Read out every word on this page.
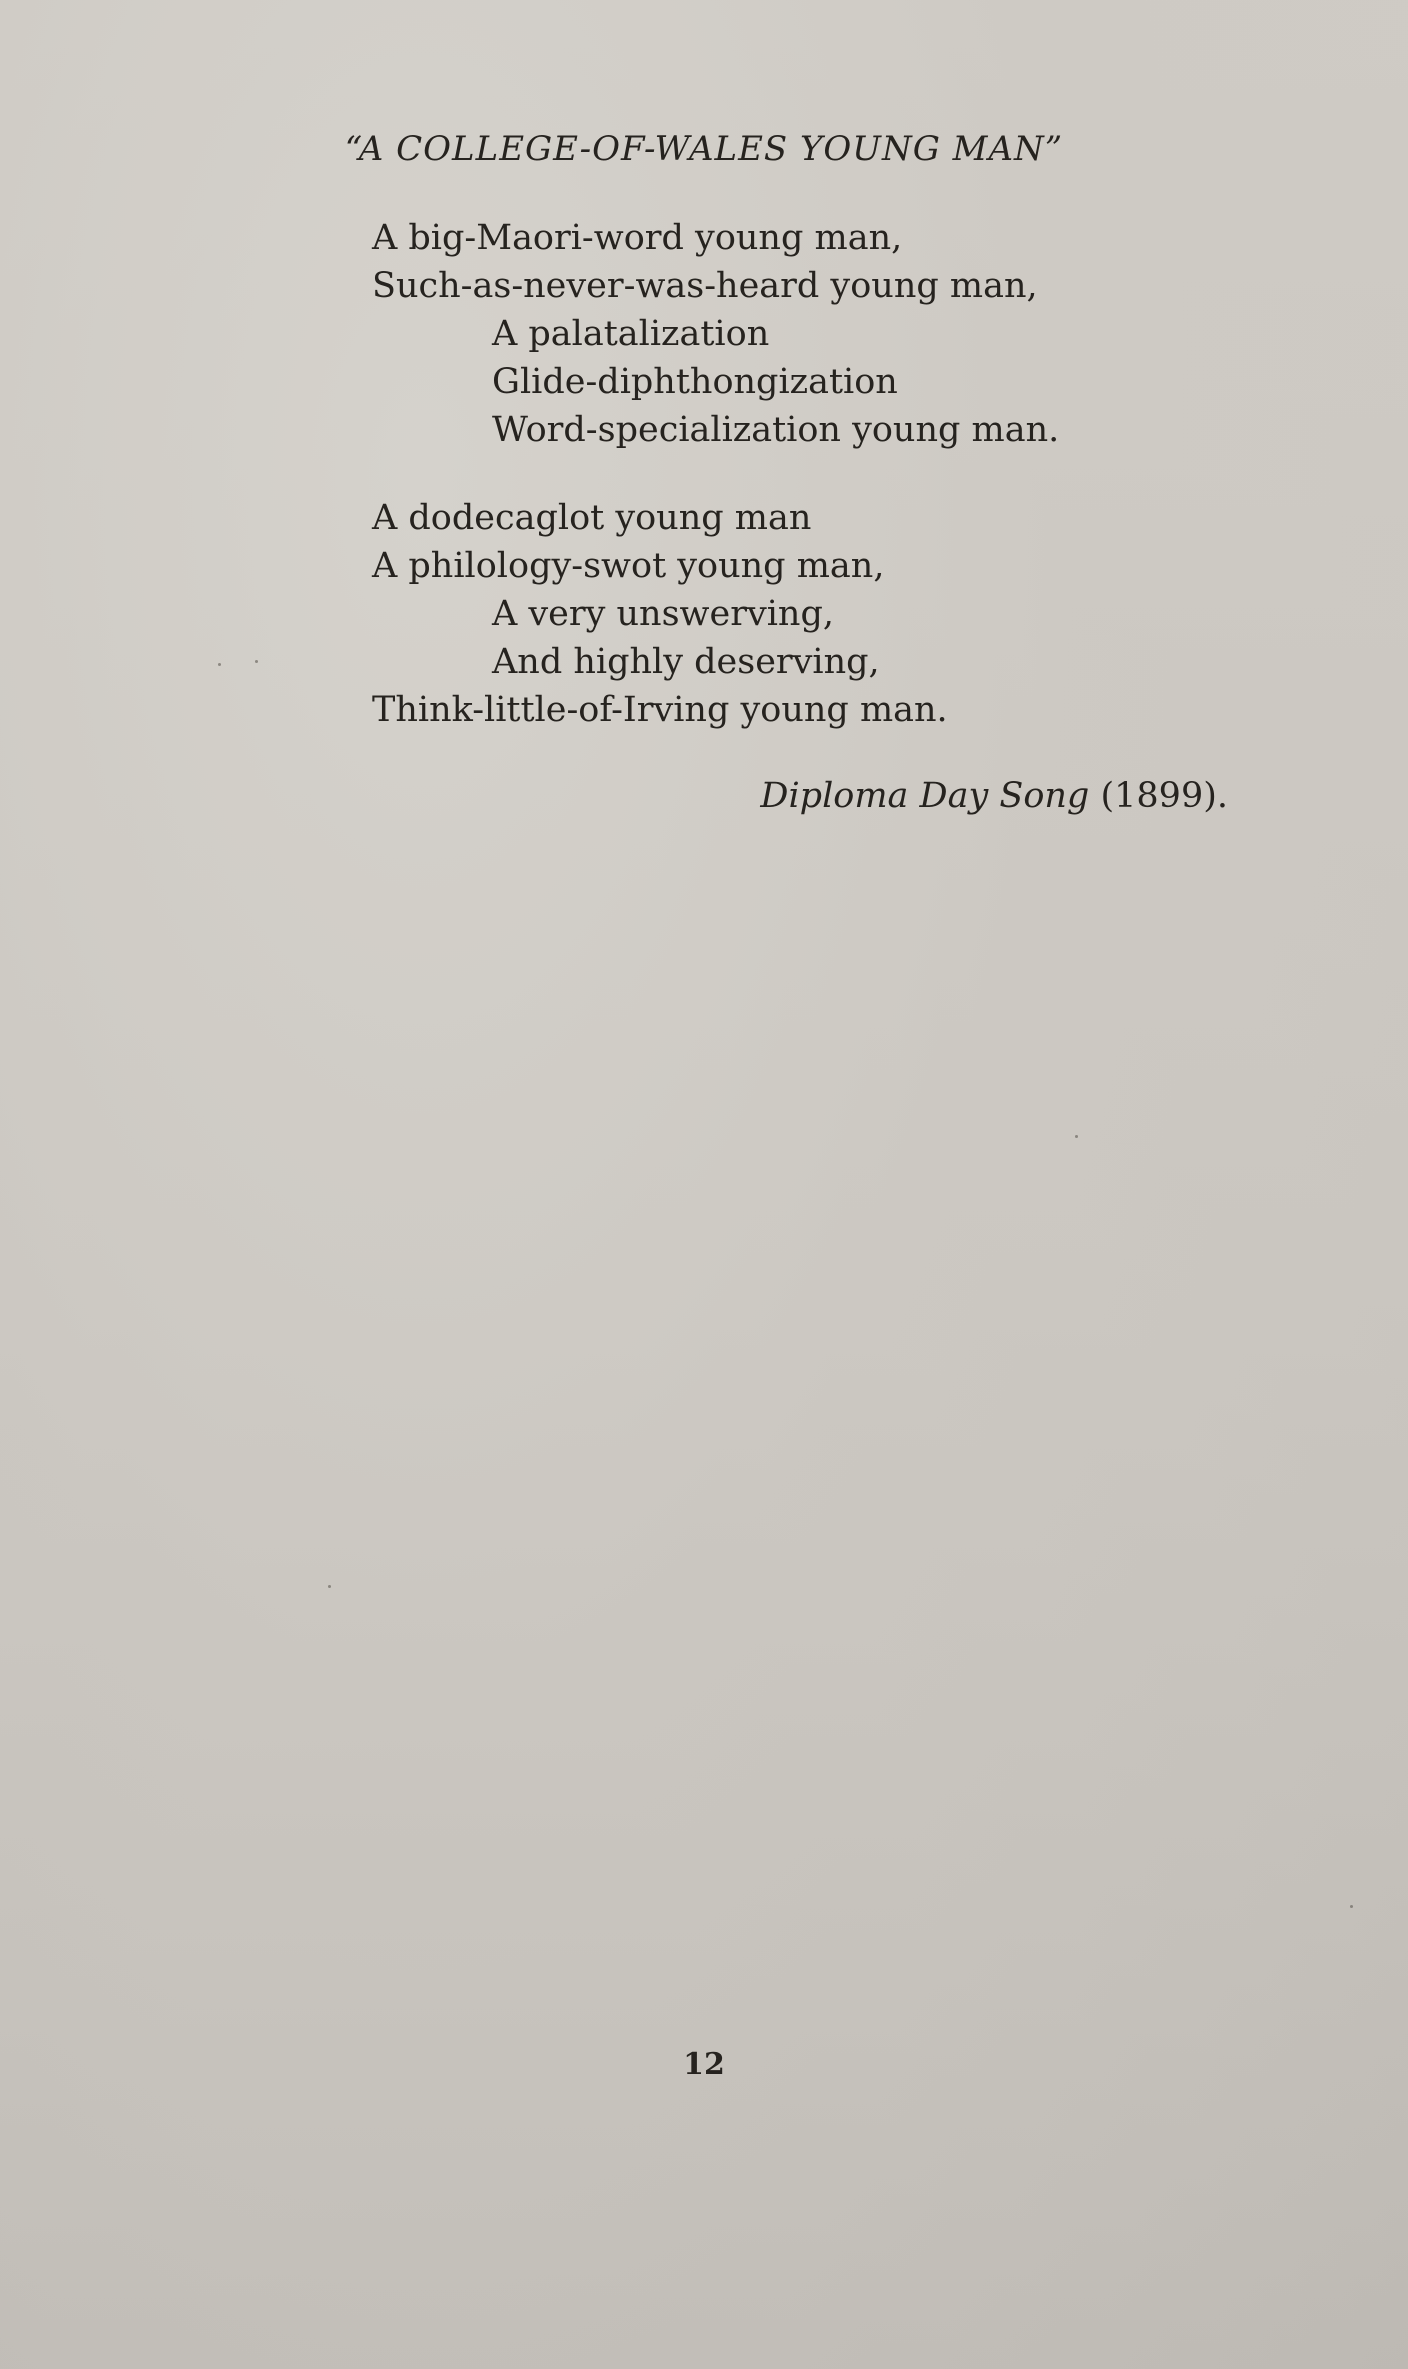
“A COLLEGE-OF-WALES YOUNG MAN”
A big-Maori-word young man,
Such-as-never-was-heard young man,
A palatalization
Glide-diphthongization
Word-specialization young man.
A dodecaglot young man
A philology-swot young man,
A very unswerving,
And highly deserving,
Think-little-of-Irving young man.
Diploma Day Song (1899).
12
